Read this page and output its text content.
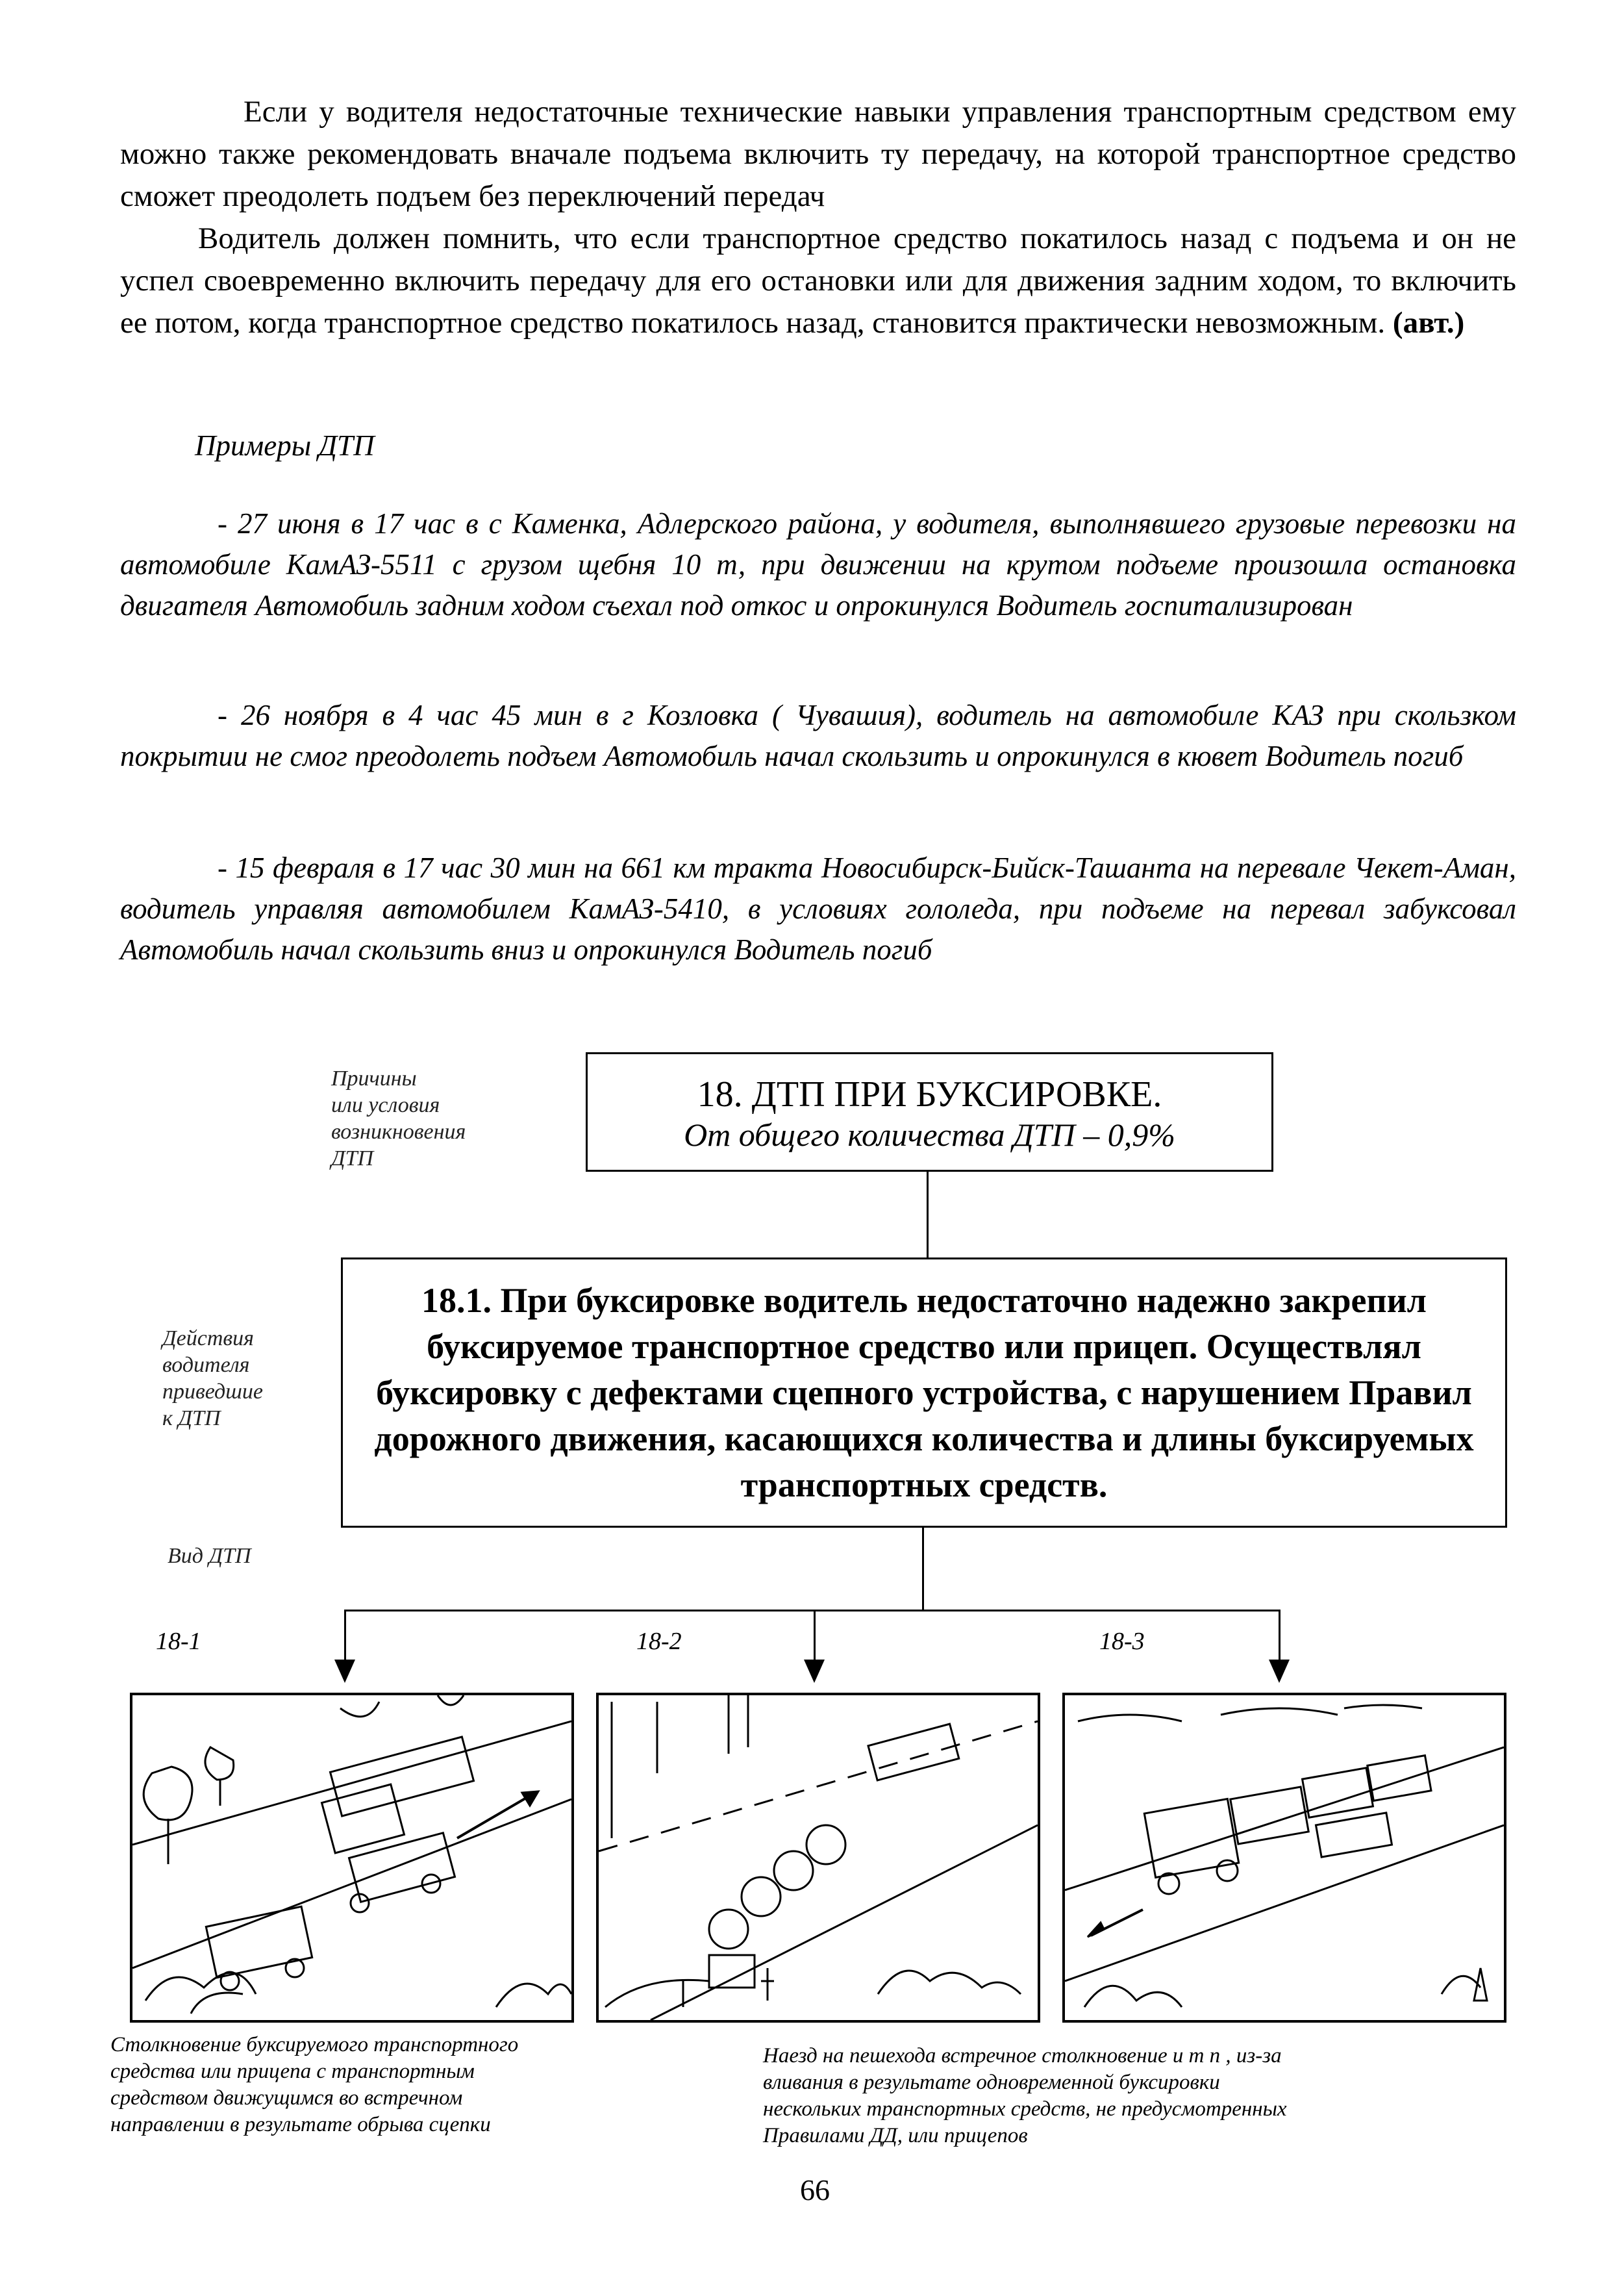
Если у водителя недостаточные технические навыки управления транспортным средством ему можно также рекомендовать вначале подъема включить ту передачу, на которой транспортное средство сможет преодолеть подъем без переключений передач

Водитель должен помнить, что если транспортное средство покатилось назад с подъема и он не успел своевременно включить передачу для его остановки или для движения задним ходом, то включить ее потом, когда транспортное средство покатилось назад, становится практически невозможным. (авт.)

Примеры ДТП
- 27 июня в 17 час в с Каменка, Адлерского района, у водителя, выполнявшего грузовые перевозки на автомобиле КамАЗ-5511 с грузом щебня 10 т, при движении на крутом подъеме произошла остановка двигателя Автомобиль задним ходом съехал под откос и опрокинулся Водитель госпитализирован
- 26 ноября в 4 час 45 мин в г Козловка ( Чувашия), водитель на автомобиле КАЗ при скользком покрытии не смог преодолеть подъем Автомобиль начал скользить и опрокинулся в кювет Водитель погиб
- 15 февраля в 17 час 30 мин на 661 км тракта Новосибирск-Бийск-Ташанта на перевале Чекет-Аман, водитель управляя автомобилем КамАЗ-5410, в условиях гололеда, при подъеме на перевал забуксовал Автомобиль начал скользить вниз и опрокинулся Водитель погиб
Причины
или условия
возникновения
ДТП
Действия
водителя
приведшие
к ДТП
Вид ДТП
18. ДТП ПРИ БУКСИРОВКЕ.
От общего количества ДТП – 0,9%
18.1. При буксировке водитель недостаточно надежно закрепил буксируемое транспортное средство или прицеп. Осуществлял буксировку с дефектами сцепного устройства, с нарушением Правил дорожного движения, касающихся количества и длины буксируемых транспортных средств.
18-1	18-2	18-3
Столкновение буксируемого транспортного средства или прицепа с транспортным средством движущимся во встречном направлении в результате обрыва сцепки
Наезд на пешехода встречное столкновение и т п , из-за вливания в результате одновременной буксировки нескольких транспортных средств, не предусмотренных Правилами ДД, или прицепов
66
